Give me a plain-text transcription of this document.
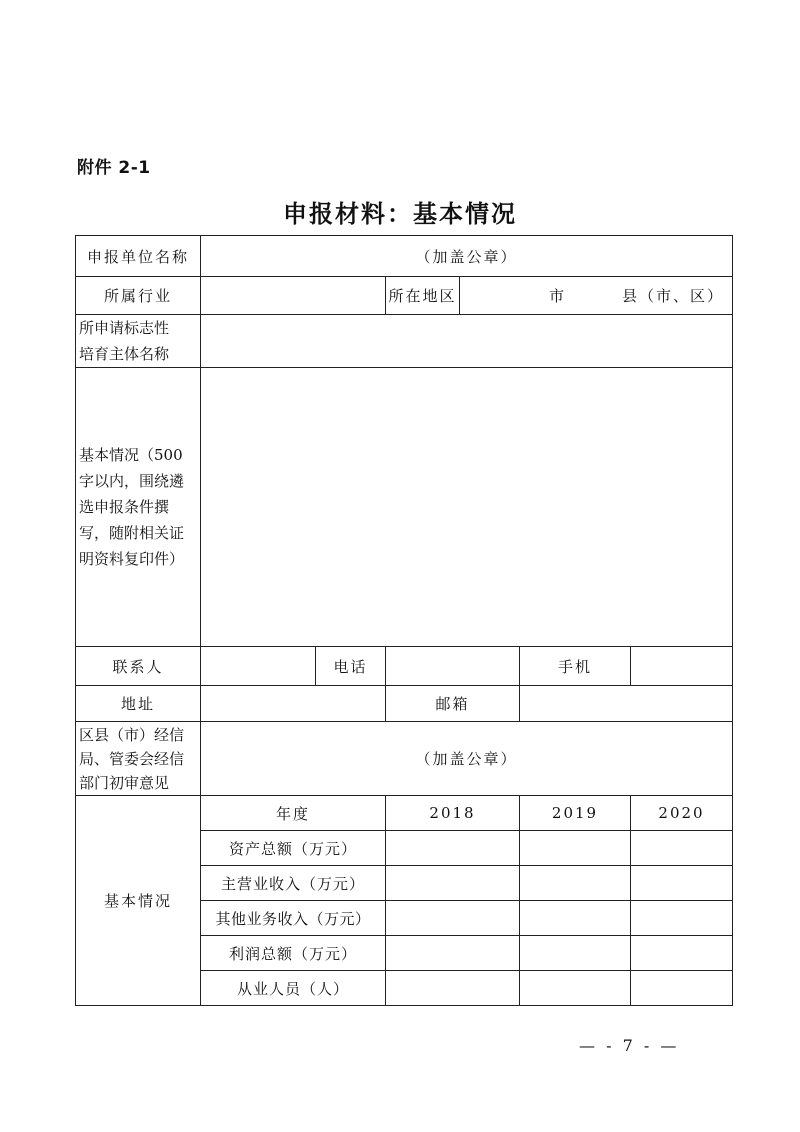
附件 2-1
申报材料：基本情况
申报单位名称	（加盖公章）					
所属行业			所在地区	市 县（市、区）		

所申请标志性
培育主体名称						

基本情况（500
字以内，围绕遴
选申报条件撰
写，随附相关证
明资料复印件）						

联系人		电话			手机	
地址			邮箱			

区县（市）经信
局、管委会经信
部门初审意见	（加盖公章）					
基本情况	年度		2018		2019	2020
	资产总额（万元）					
	主营业收入（万元）					
	其他业务收入（万元）					
	利润总额（万元）					
	从业人员（人）					
— - 7 - —
